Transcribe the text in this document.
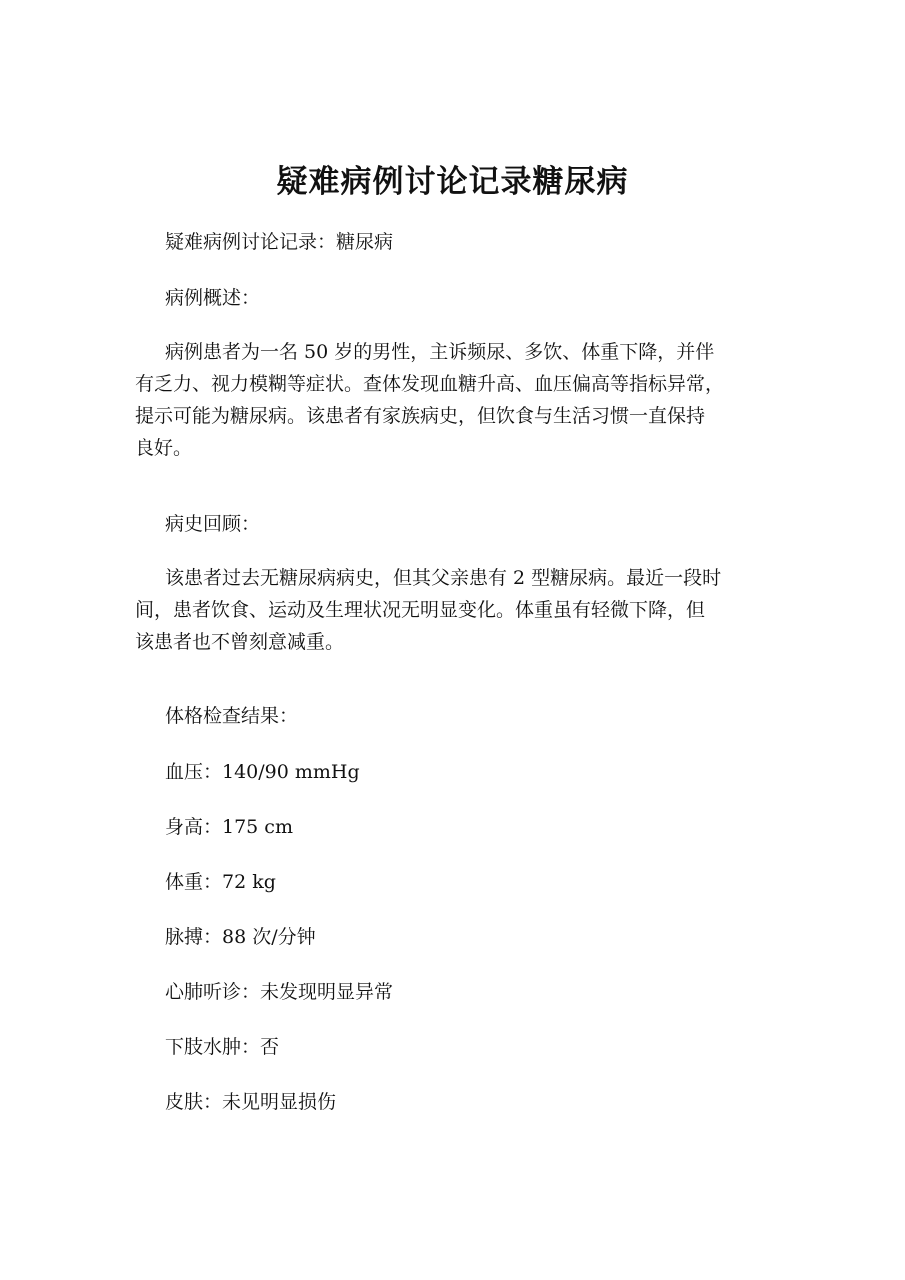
疑难病例讨论记录糖尿病
疑难病例讨论记录：糖尿病
病例概述：
病例患者为一名 50 岁的男性，主诉频尿、多饮、体重下降，并伴
有乏力、视力模糊等症状。查体发现血糖升高、血压偏高等指标异常，
提示可能为糖尿病。该患者有家族病史，但饮食与生活习惯一直保持
良好。
病史回顾：
该患者过去无糖尿病病史，但其父亲患有 2 型糖尿病。最近一段时
间，患者饮食、运动及生理状况无明显变化。体重虽有轻微下降，但
该患者也不曾刻意减重。
体格检查结果：
血压：140/90 mmHg
身高：175 cm
体重：72 kg
脉搏：88 次/分钟
心肺听诊：未发现明显异常
下肢水肿：否
皮肤：未见明显损伤
